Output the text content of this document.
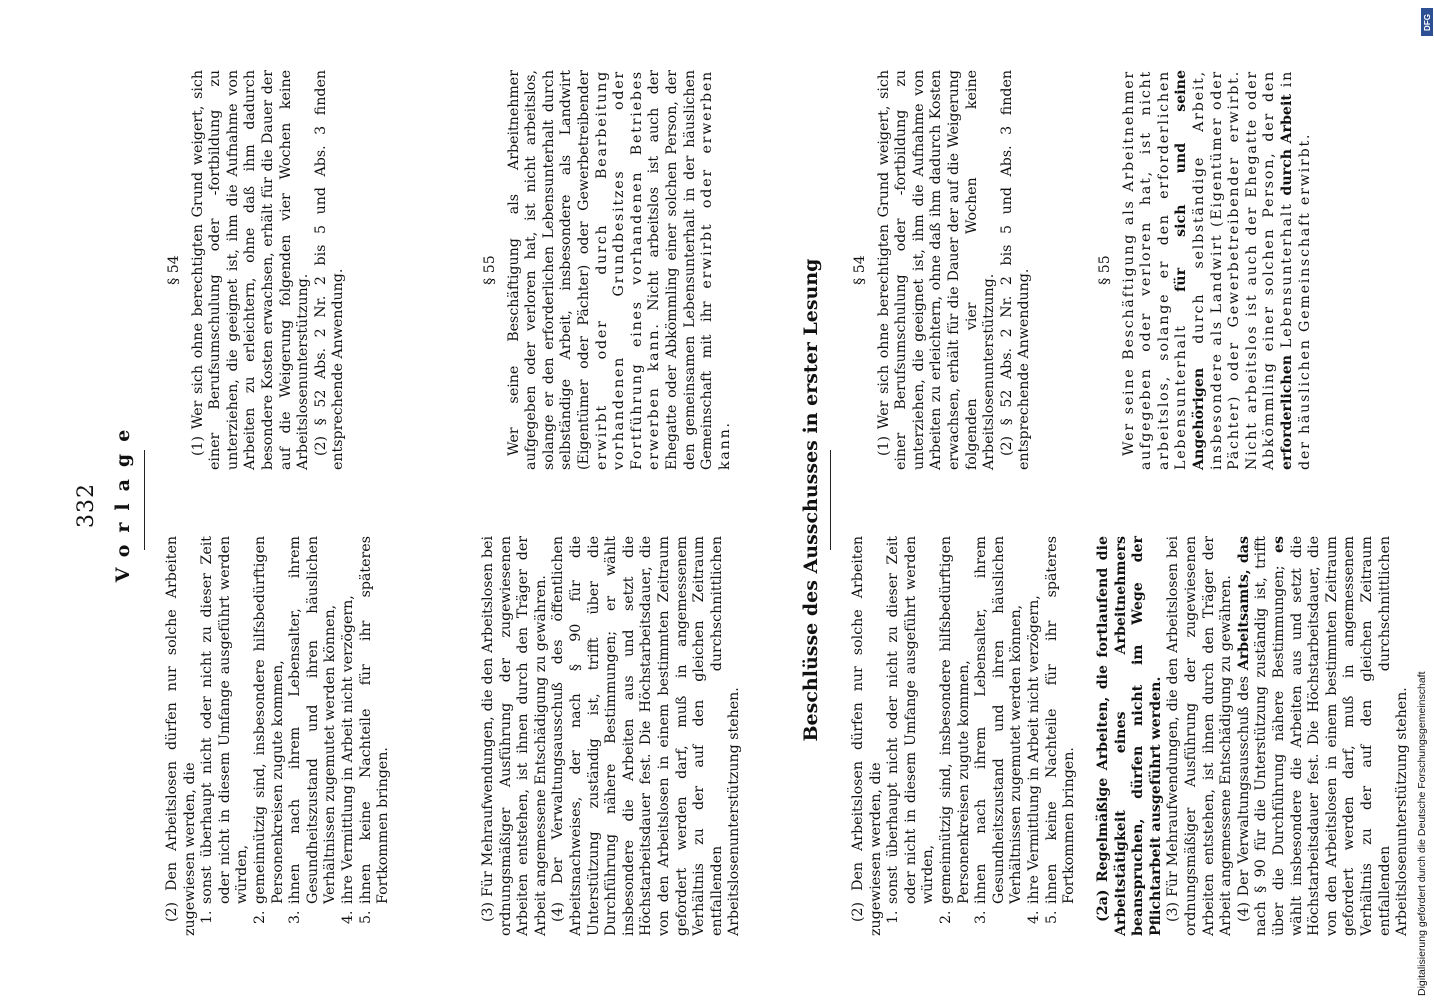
332 Vorlage

(2) Den Arbeitslosen dürfen nur solche Arbeiten zugewiesen werden, die 1. sonst überhaupt nicht oder nicht zu dieser Zeit oder nicht in diesem Umfange ausgeführt werden würden, 2. gemeinnützig sind, insbesondere hilfsbedürftigen Personenkreisen zugute kommen, 3. ihnen nach ihrem Lebensalter, ihrem Gesundheitszustand und ihren häuslichen Verhältnissen zugemutet werden können, 4. ihre Vermittlung in Arbeit nicht verzögern, 5. ihnen keine Nachteile für ihr späteres Fortkommen bringen.	(3) Für Mehraufwendungen, die den Arbeitslosen bei ordnungsmäßiger Ausführung der zugewiesenen Arbeiten entstehen, ist ihnen durch den Träger der Arbeit angemessene Entschädigung zu gewähren. (4) Der Verwaltungsausschuß des öffentlichen Arbeitsnachweises, der nach § 90 für die Unterstützung zuständig ist, trifft über die Durchführung nähere Bestimmungen; er wählt insbesondere die Arbeiten aus und setzt die Höchstarbeitsdauer fest. Die Höchstarbeitsdauer, die von den Arbeitslosen in einem bestimmten Zeitraum gefordert werden darf, muß in angemessenem Verhältnis zu der auf den gleichen Zeitraum entfallenden durchschnittlichen Arbeitslosenunterstützung stehen.

§ 54 (1) Wer sich ohne berechtigten Grund weigert, sich einer Berufsumschulung oder -fortbildung zu unterziehen, die geeignet ist, ihm die Aufnahme von Arbeiten zu erleichtern, ohne daß ihm dadurch besondere Kosten erwachsen, erhält für die Dauer der auf die Weigerung folgenden vier Wochen keine Arbeitslosenunterstützung. (2) § 52 Abs. 2 Nr. 2 bis 5 und Abs. 3 finden entsprechende Anwendung.	§ 55 Wer seine Beschäftigung als Arbeitnehmer aufgegeben oder verloren hat, ist nicht arbeitslos, solange er den erforderlichen Lebensunterhalt durch selbständige Arbeit, insbesondere als Landwirt (Eigentümer oder Pächter) oder Gewerbetreibender erwirbt oder durch Bearbeitung vorhandenen Grundbesitzes oder Fortführung eines vorhandenen Betriebes erwerben kann. Nicht arbeitslos ist auch der Ehegatte oder Abkömmling einer solchen Person, der den gemeinsamen Lebensunterhalt in der häuslichen Gemeinschaft mit ihr erwirbt oder erwerben kann.	Beschlüsse des Ausschusses in erster Lesung (2) Den Arbeitslosen dürfen nur solche Arbeiten zugewiesen werden, die 1. sonst überhaupt nicht oder nicht zu dieser Zeit oder nicht in diesem Umfange ausgeführt werden würden, 2. gemeinnützig sind, insbesondere hilfsbedürftigen Personenkreisen zugute kommen, 3. ihnen nach ihrem Lebensalter, ihrem Gesundheitszustand und ihren häuslichen Verhältnissen zugemutet werden können, 4. ihre Vermittlung in Arbeit nicht verzögern, 5. ihnen keine Nachteile für ihr späteres Fortkommen bringen. (2a) Regelmäßige Arbeiten, die fortlaufend die Arbeitstätigkeit eines Arbeitnehmers beanspruchen, dürfen nicht im Wege der Pflichtarbeit ausgeführt werden. (3) Für Mehraufwendungen, die den Arbeitslosen bei ordnungsmäßiger Ausführung der zugewiesenen Arbeiten entstehen, ist ihnen durch den Träger der Arbeit angemessene Entschädigung zu gewähren. (4) Der Verwaltungsausschuß des Arbeitsamts, das nach § 90 für die Unterstützung zuständig ist, trifft über die Durchführung nähere Bestimmungen; es wählt insbesondere die Arbeiten aus und setzt die Höchstarbeitsdauer fest. Die Höchstarbeitsdauer, die von den Arbeitslosen in einem bestimmten Zeitraum gefordert werden darf, muß in angemessenem Verhältnis zu der auf den gleichen Zeitraum entfallenden durchschnittlichen Arbeitslosenunterstützung stehen.

§ 54 (1) Wer sich ohne berechtigten Grund weigert, sich einer Berufsumschulung oder -fortbildung zu unterziehen, die geeignet ist, ihm die Aufnahme von Arbeiten zu erleichtern, ohne daß ihm dadurch Kosten erwachsen, erhält für die Dauer der auf die Weigerung folgenden vier Wochen keine Arbeitslosenunterstützung. (2) § 52 Abs. 2 Nr. 2 bis 5 und Abs. 3 finden entsprechende Anwendung.	§ 55 Wer seine Beschäftigung als Arbeitnehmer aufgegeben oder verloren hat, ist nicht arbeitslos, solange er den erforderlichen Lebensunterhalt für sich und seine Angehörigen durch selbständige Arbeit, insbesondere als Landwirt (Eigentümer oder Pächter) oder Gewerbetreibender erwirbt. Nicht arbeitslos ist auch der Ehegatte oder Abkömmling einer solchen Person, der den erforderlichen Lebensunterhalt durch Arbeit in der häuslichen Gemeinschaft erwirbt.

DFG
Digitalisierung gefördert durch die Deutsche Forschungsgemeinschaft
